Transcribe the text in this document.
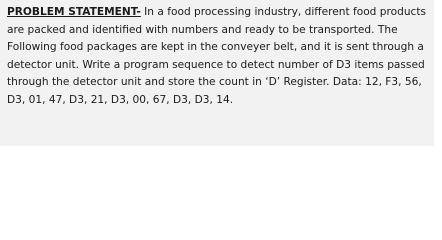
PROBLEM STATEMENT- In a food processing industry, different food products are packed and identified with numbers and ready to be transported. The Following food packages are kept in the conveyer belt, and it is sent through a detector unit. Write a program sequence to detect number of D3 items passed through the detector unit and store the count in ‘D’ Register. Data: 12, F3, 56, D3, 01, 47, D3, 21, D3, 00, 67, D3, D3, 14.
